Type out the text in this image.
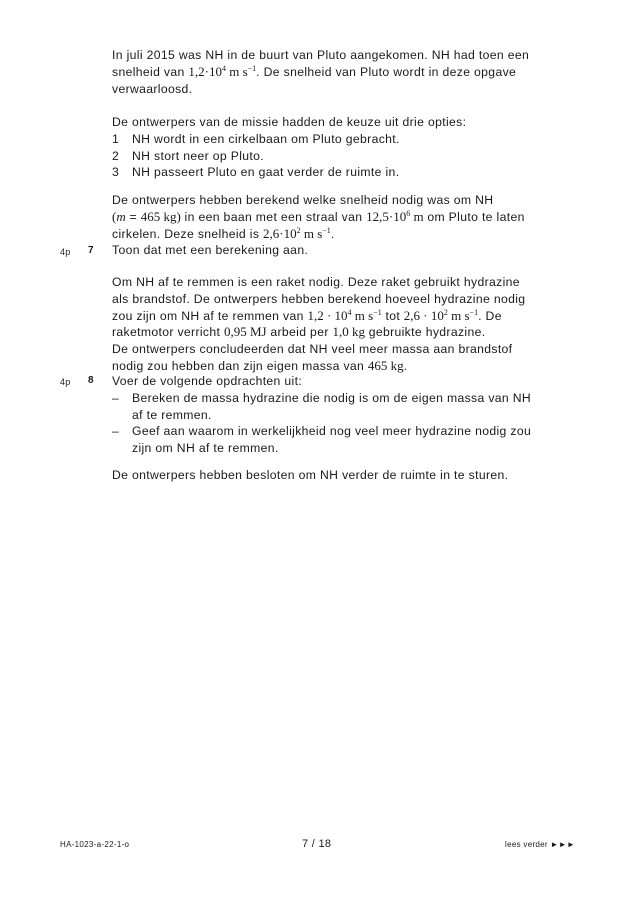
In juli 2015 was NH in de buurt van Pluto aangekomen. NH had toen een

snelheid van $1,2\cdot 10^4$ m $s^{-1}$. De snelheid van Pluto wordt in deze opgave

verwaarloosd.

De ontwerpers van de missie hadden de keuze uit drie opties:

1 NH wordt in een cirkelbaan om Pluto gebracht.
2 NH stort neer op Pluto.
3 NH passeert Pluto en gaat verder de ruimte in.

De ontwerpers hebben berekend welke snelheid nodig was om NH

(m = 465 kg) in een baan met een straal van $12,5\cdot 10^6$ m om Pluto te laten

cirkelen. Deze snelheid is $2,6\cdot 10^2$ m $s^{-1}$.

4p 7 Toon dat met een berekening aan.

Om NH af te remmen is een raket nodig. Deze raket gebruikt hydrazine

als brandstof. De ontwerpers hebben berekend hoeveel hydrazine nodig

zou zijn om NH af te remmen van $1,2 \cdot 10^4$ m $s^{-1}$ tot $2,6 \cdot 10^2$ m $s^{-1}$. De

raketmotor verricht 0,95 MJ arbeid per 1,0 kg gebruikte hydrazine.

De ontwerpers concludeerden dat NH veel meer massa aan brandstof

nodig zou hebben dan zijn eigen massa van 465 kg.

4p 8 Voer de volgende opdrachten uit:

– Bereken de massa hydrazine die nodig is om de eigen massa van NH
af te remmen.
– Geef aan waarom in werkelijkheid nog veel meer hydrazine nodig zou
zijn om NH af te remmen.

De ontwerpers hebben besloten om NH verder de ruimte in te sturen.

HA-1023-a-22-1-o	7 / 18	lees verder ►►►
